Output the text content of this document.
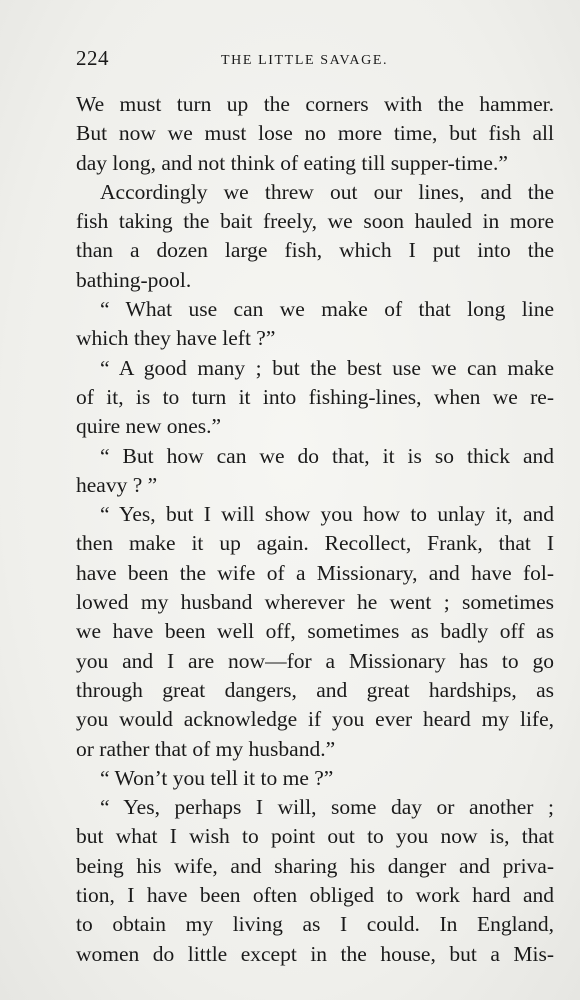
224	THE LITTLE SAVAGE.
We must turn up the corners with the hammer.
But now we must lose no more time, but fish all
day long, and not think of eating till supper-time.”
Accordingly we threw out our lines, and the
fish taking the bait freely, we soon hauled in more
than a dozen large fish, which I put into the
bathing-pool.
“ What use can we make of that long line
which they have left ?”
“ A good many ; but the best use we can make
of it, is to turn it into fishing-lines, when we re-
quire new ones.”
“ But how can we do that, it is so thick and
heavy ? ”
“ Yes, but I will show you how to unlay it, and
then make it up again. Recollect, Frank, that I
have been the wife of a Missionary, and have fol-
lowed my husband wherever he went ; sometimes
we have been well off, sometimes as badly off as
you and I are now—for a Missionary has to go
through great dangers, and great hardships, as
you would acknowledge if you ever heard my life,
or rather that of my husband.”
“ Won’t you tell it to me ?”
“ Yes, perhaps I will, some day or another ;
but what I wish to point out to you now is, that
being his wife, and sharing his danger and priva-
tion, I have been often obliged to work hard and
to obtain my living as I could. In England,
women do little except in the house, but a Mis-
